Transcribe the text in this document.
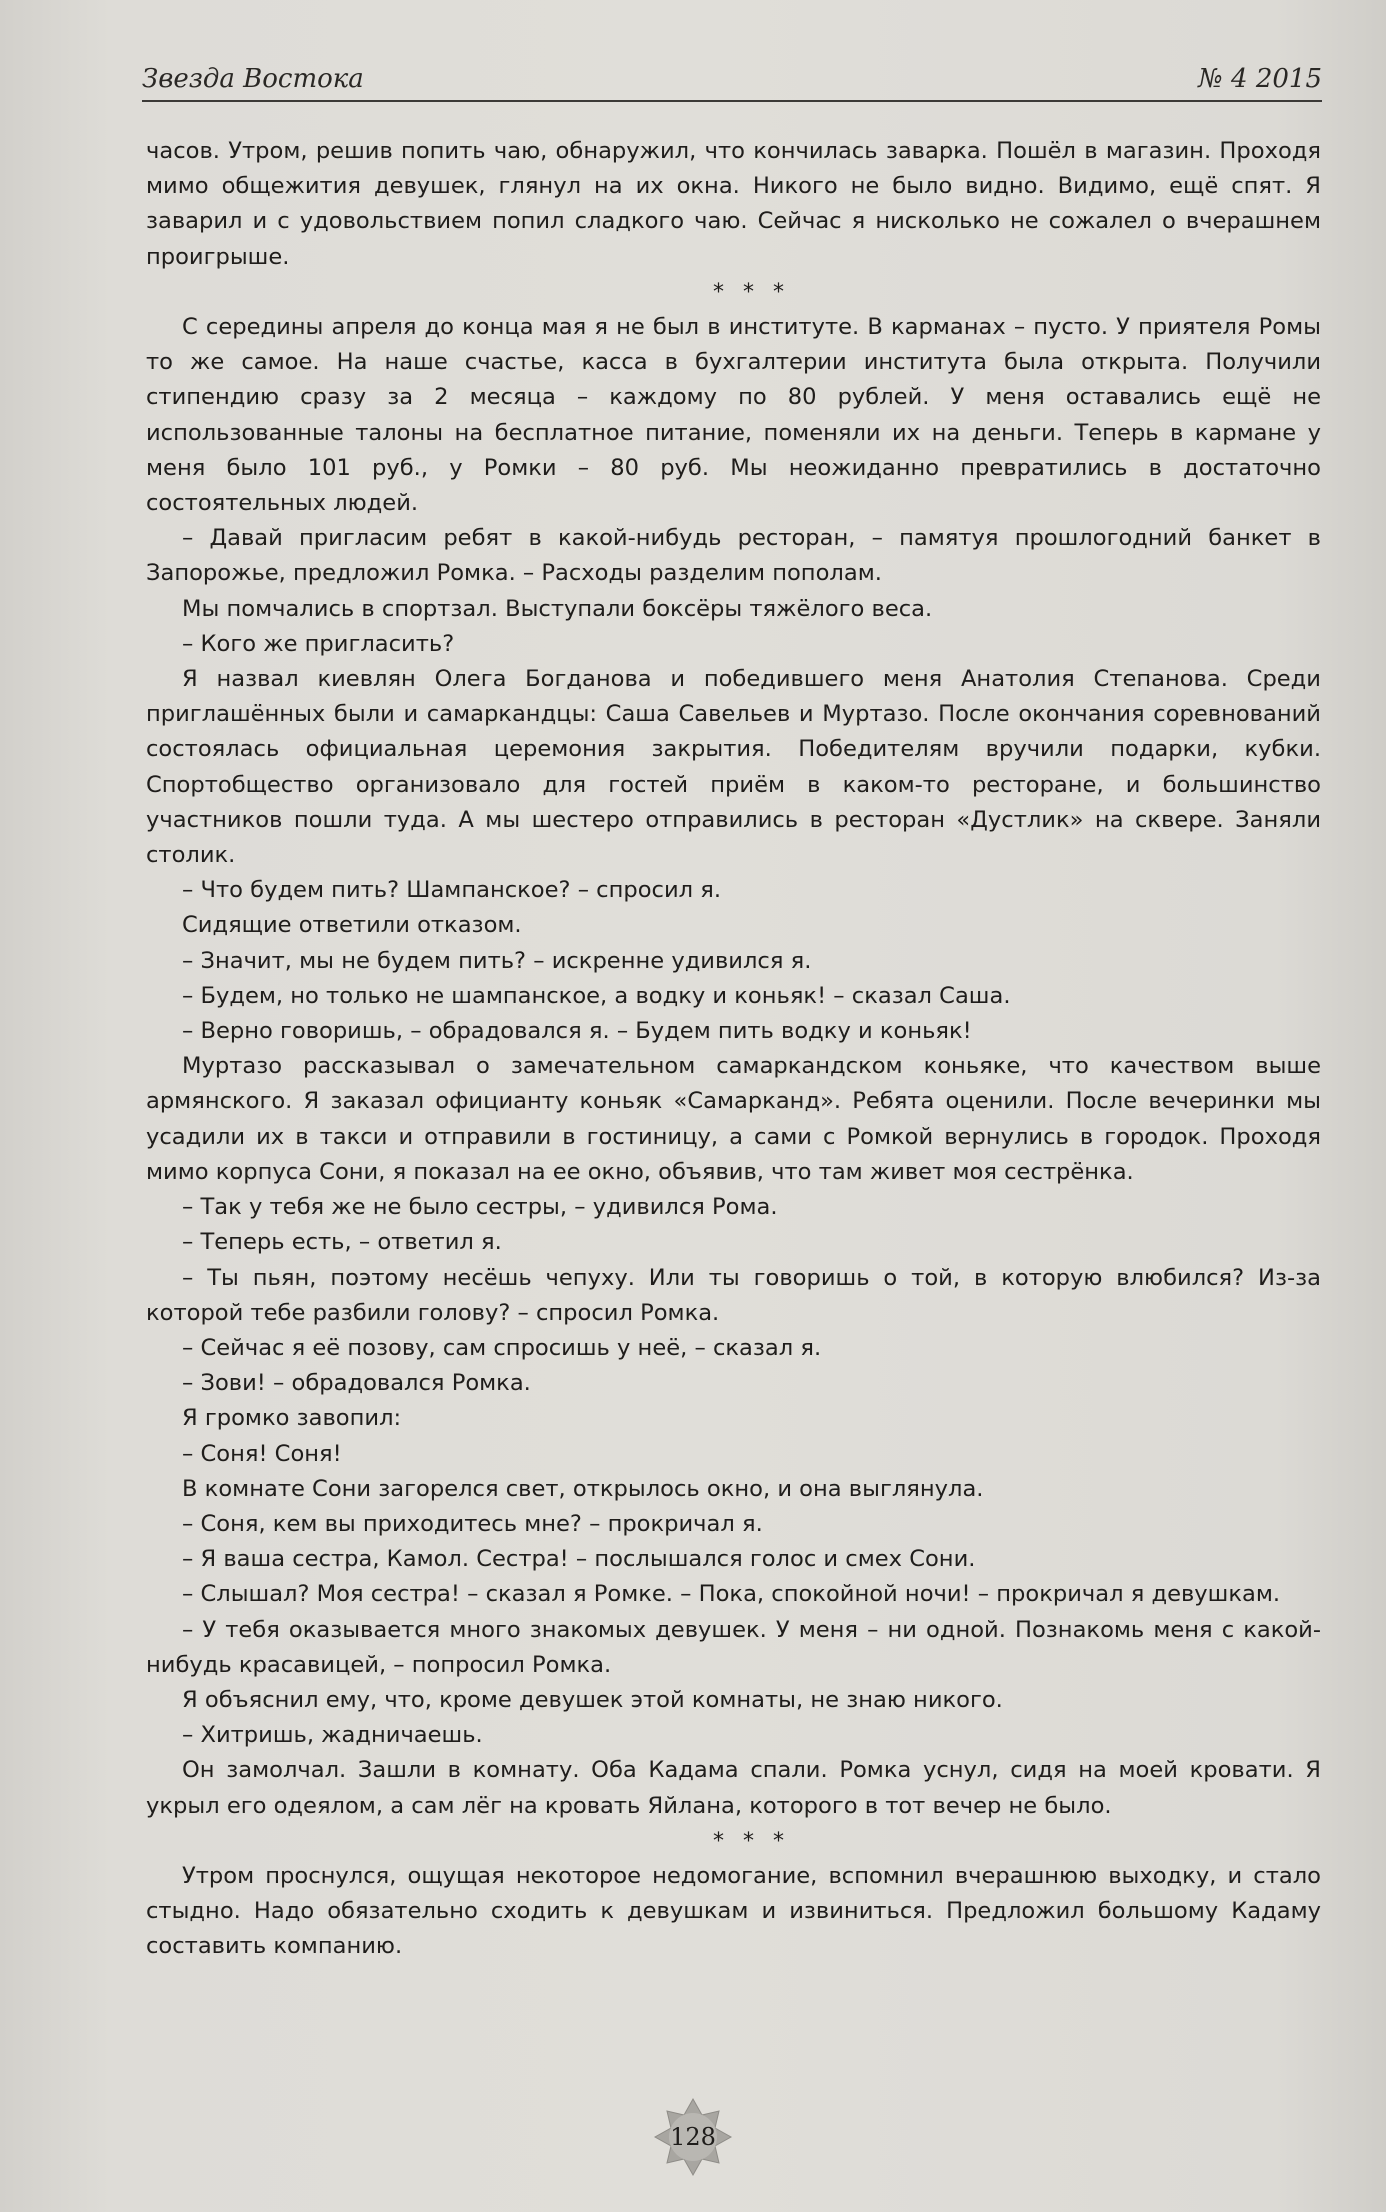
Звезда Востока	№ 4 2015

часов. Утром, решив попить чаю, обнаружил, что кончилась заварка. Пошёл в магазин. Проходя мимо общежития девушек, глянул на их окна. Никого не было видно. Видимо, ещё спят. Я заварил и с удовольствием попил сладкого чаю. Сейчас я нисколько не сожалел о вчерашнем проигрыше.

* * *

С середины апреля до конца мая я не был в институте. В карманах – пусто. У приятеля Ромы то же самое. На наше счастье, касса в бухгалтерии института была открыта. Получили стипендию сразу за 2 месяца – каждому по 80 рублей. У меня оставались ещё не использованные талоны на бесплатное питание, поменяли их на деньги. Теперь в кармане у меня было 101 руб., у Ромки – 80 руб. Мы неожиданно превратились в достаточно состоятельных людей.

– Давай пригласим ребят в какой-нибудь ресторан, – памятуя прошлогодний банкет в Запорожье, предложил Ромка. – Расходы разделим пополам.

Мы помчались в спортзал. Выступали боксёры тяжёлого веса.

– Кого же пригласить?

Я назвал киевлян Олега Богданова и победившего меня Анатолия Степанова. Среди приглашённых были и самаркандцы: Саша Савельев и Муртазо. После окончания соревнований состоялась официальная церемония закрытия. Победителям вручили подарки, кубки. Спортобщество организовало для гостей приём в каком-то ресторане, и большинство участников пошли туда. А мы шестеро отправились в ресторан «Дустлик» на сквере. Заняли столик.

– Что будем пить? Шампанское? – спросил я.

Сидящие ответили отказом.

– Значит, мы не будем пить? – искренне удивился я.

– Будем, но только не шампанское, а водку и коньяк! – сказал Саша.

– Верно говоришь, – обрадовался я. – Будем пить водку и коньяк!

Муртазо рассказывал о замечательном самаркандском коньяке, что качеством выше армянского. Я заказал официанту коньяк «Самарканд». Ребята оценили. После вечеринки мы усадили их в такси и отправили в гостиницу, а сами с Ромкой вернулись в городок. Проходя мимо корпуса Сони, я показал на ее окно, объявив, что там живет моя сестрёнка.

– Так у тебя же не было сестры, – удивился Рома.

– Теперь есть, – ответил я.

– Ты пьян, поэтому несёшь чепуху. Или ты говоришь о той, в которую влюбился? Из-за которой тебе разбили голову? – спросил Ромка.

– Сейчас я её позову, сам спросишь у неё, – сказал я.

– Зови! – обрадовался Ромка.

Я громко завопил:

– Соня! Соня!

В комнате Сони загорелся свет, открылось окно, и она выглянула.

– Соня, кем вы приходитесь мне? – прокричал я.

– Я ваша сестра, Камол. Сестра! – послышался голос и смех Сони.

– Слышал? Моя сестра! – сказал я Ромке. – Пока, спокойной ночи! – прокричал я девушкам.

– У тебя оказывается много знакомых девушек. У меня – ни одной. Познакомь меня с какой-нибудь красавицей, – попросил Ромка.

Я объяснил ему, что, кроме девушек этой комнаты, не знаю никого.

– Хитришь, жадничаешь.

Он замолчал. Зашли в комнату. Оба Кадама спали. Ромка уснул, сидя на моей кровати. Я укрыл его одеялом, а сам лёг на кровать Яйлана, которого в тот вечер не было.

* * *

Утром проснулся, ощущая некоторое недомогание, вспомнил вчерашнюю выходку, и стало стыдно. Надо обязательно сходить к девушкам и извиниться. Предложил большому Кадаму составить компанию.

128
